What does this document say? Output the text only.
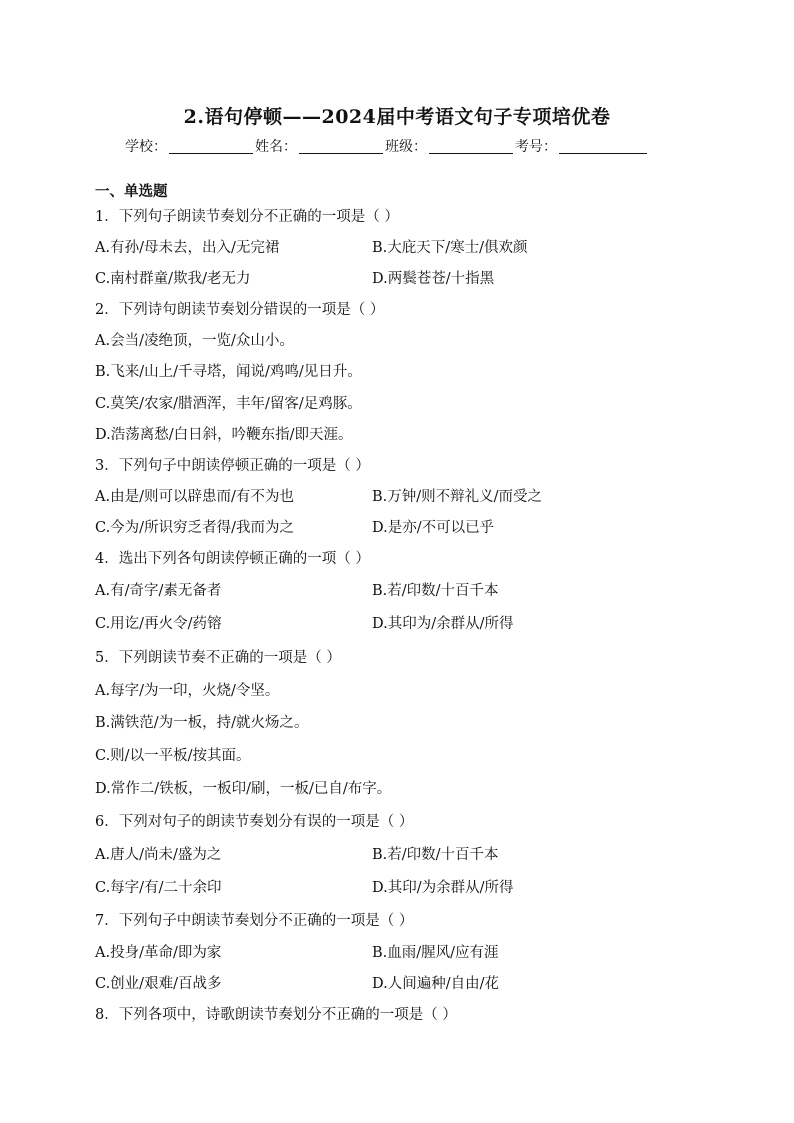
2.语句停顿——2024届中考语文句子专项培优卷
学校：	姓名：	班级：	考号：
一、单选题
1．下列句子朗读节奏划分不正确的一项是（ ）
A.有孙/母未去，出入/无完裙	B.大庇天下/寒士/俱欢颜
C.南村群童/欺我/老无力	D.两鬓苍苍/十指黑
2．下列诗句朗读节奏划分错误的一项是（ ）
A.会当/凌绝顶，一览/众山小。
B.飞来/山上/千寻塔，闻说/鸡鸣/见日升。
C.莫笑/农家/腊酒浑，丰年/留客/足鸡豚。
D.浩荡离愁/白日斜，吟鞭东指/即天涯。
3．下列句子中朗读停顿正确的一项是（ ）
A.由是/则可以辟患而/有不为也	B.万钟/则不辩礼义/而受之
C.今为/所识穷乏者得/我而为之	D.是亦/不可以已乎
4．选出下列各句朗读停顿正确的一项（ ）
A.有/奇字/素无备者	B.若/印数/十百千本
C.用讫/再火令/药镕	D.其印为/余群从/所得
5．下列朗读节奏不正确的一项是（ ）
A.每字/为一印，火烧/令坚。
B.满铁范/为一板，持/就火炀之。
C.则/以一平板/按其面。
D.常作二/铁板，一板印/刷，一板/已自/布字。
6．下列对句子的朗读节奏划分有误的一项是（ ）
A.唐人/尚未/盛为之	B.若/印数/十百千本
C.每字/有/二十余印	D.其印/为余群从/所得
7．下列句子中朗读节奏划分不正确的一项是（ ）
A.投身/革命/即为家	B.血雨/腥风/应有涯
C.创业/艰难/百战多	D.人间遍种/自由/花
8．下列各项中，诗歌朗读节奏划分不正确的一项是（ ）
